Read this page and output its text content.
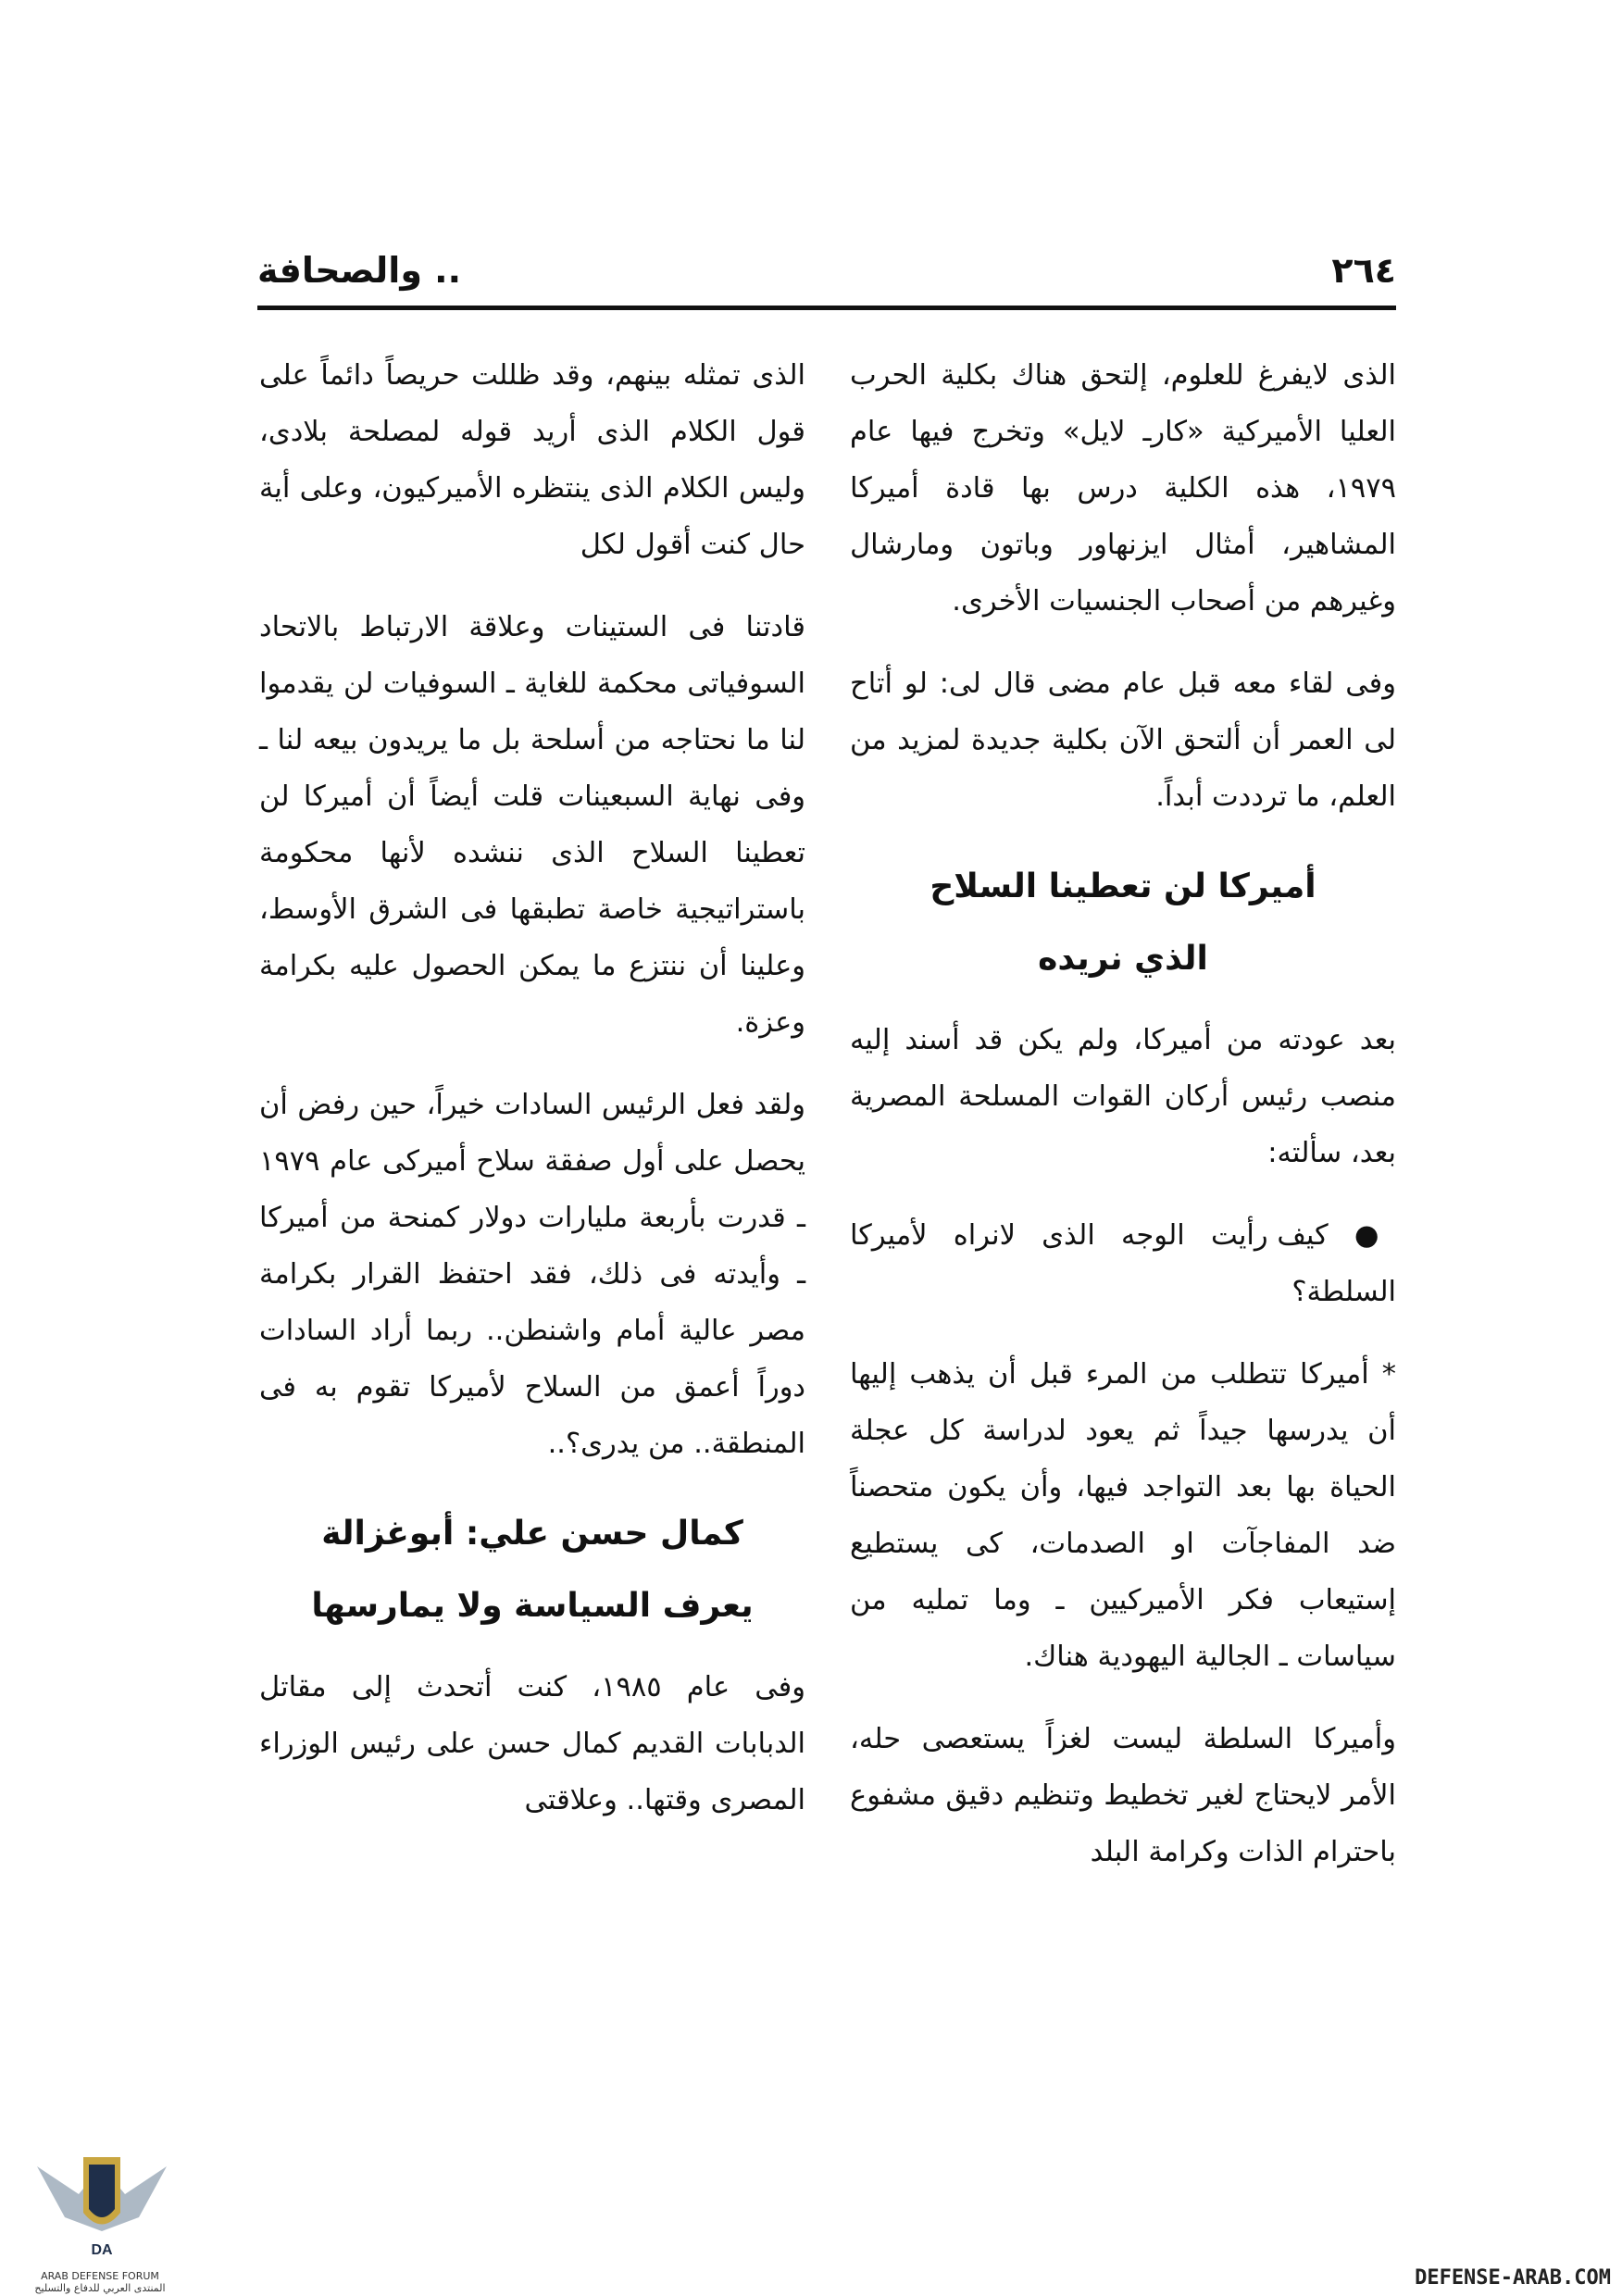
٢٦٤
.. والصحافة

الذى لايفرغ للعلوم، إلتحق هناك بكلية الحرب العليا الأميركية «كارـ لايل» وتخرج فيها عام ١٩٧٩، هذه الكلية درس بها قادة أميركا المشاهير، أمثال ايزنهاور وباتون ومارشال وغيرهم من أصحاب الجنسيات الأخرى.

وفى لقاء معه قبل عام مضى قال لى: لو أتاح لى العمر أن ألتحق الآن بكلية جديدة لمزيد من العلم، ما ترددت أبداً.

أميركا لن تعطينا السلاح
الذي نريده

بعد عودته من أميركا، ولم يكن قد أسند إليه منصب رئيس أركان القوات المسلحة المصرية بعد، سألته:

● كيف رأيت الوجه الذى لانراه لأميركا السلطة؟

* أميركا تتطلب من المرء قبل أن يذهب إليها أن يدرسها جيداً ثم يعود لدراسة كل عجلة الحياة بها بعد التواجد فيها، وأن يكون متحصناً ضد المفاجآت او الصدمات، كى يستطيع إستيعاب فكر الأميركيين ـ وما تمليه من سياسات ـ الجالية اليهودية هناك.

وأميركا السلطة ليست لغزاً يستعصى حله، الأمر لايحتاج لغير تخطيط وتنظيم دقيق مشفوع باحترام الذات وكرامة البلد

الذى تمثله بينهم، وقد ظللت حريصاً دائماً على قول الكلام الذى أريد قوله لمصلحة بلادى، وليس الكلام الذى ينتظره الأميركيون، وعلى أية حال كنت أقول لكل

قادتنا فى الستينات وعلاقة الارتباط بالاتحاد السوفياتى محكمة للغاية ـ السوفيات لن يقدموا لنا ما نحتاجه من أسلحة بل ما يريدون بيعه لنا ـ وفى نهاية السبعينات قلت أيضاً أن أميركا لن تعطينا السلاح الذى ننشده لأنها محكومة باستراتيجية خاصة تطبقها فى الشرق الأوسط، وعلينا أن ننتزع ما يمكن الحصول عليه بكرامة وعزة.

ولقد فعل الرئيس السادات خيراً، حين رفض أن يحصل على أول صفقة سلاح أميركى عام ١٩٧٩ ـ قدرت بأربعة مليارات دولار كمنحة من أميركا ـ وأيدته فى ذلك، فقد احتفظ القرار بكرامة مصر عالية أمام واشنطن.. ربما أراد السادات دوراً أعمق من السلاح لأميركا تقوم به فى المنطقة.. من يدرى؟..

كمال حسن علي: أبوغزالة
يعرف السياسة ولا يمارسها

وفى عام ١٩٨٥، كنت أتحدث إلى مقاتل الدبابات القديم كمال حسن على رئيس الوزراء المصرى وقتها.. وعلاقتى

DA
ARAB DEFENSE FORUM
المنتدى العربي للدفاع والتسليح	DEFENSE-ARAB.COM
